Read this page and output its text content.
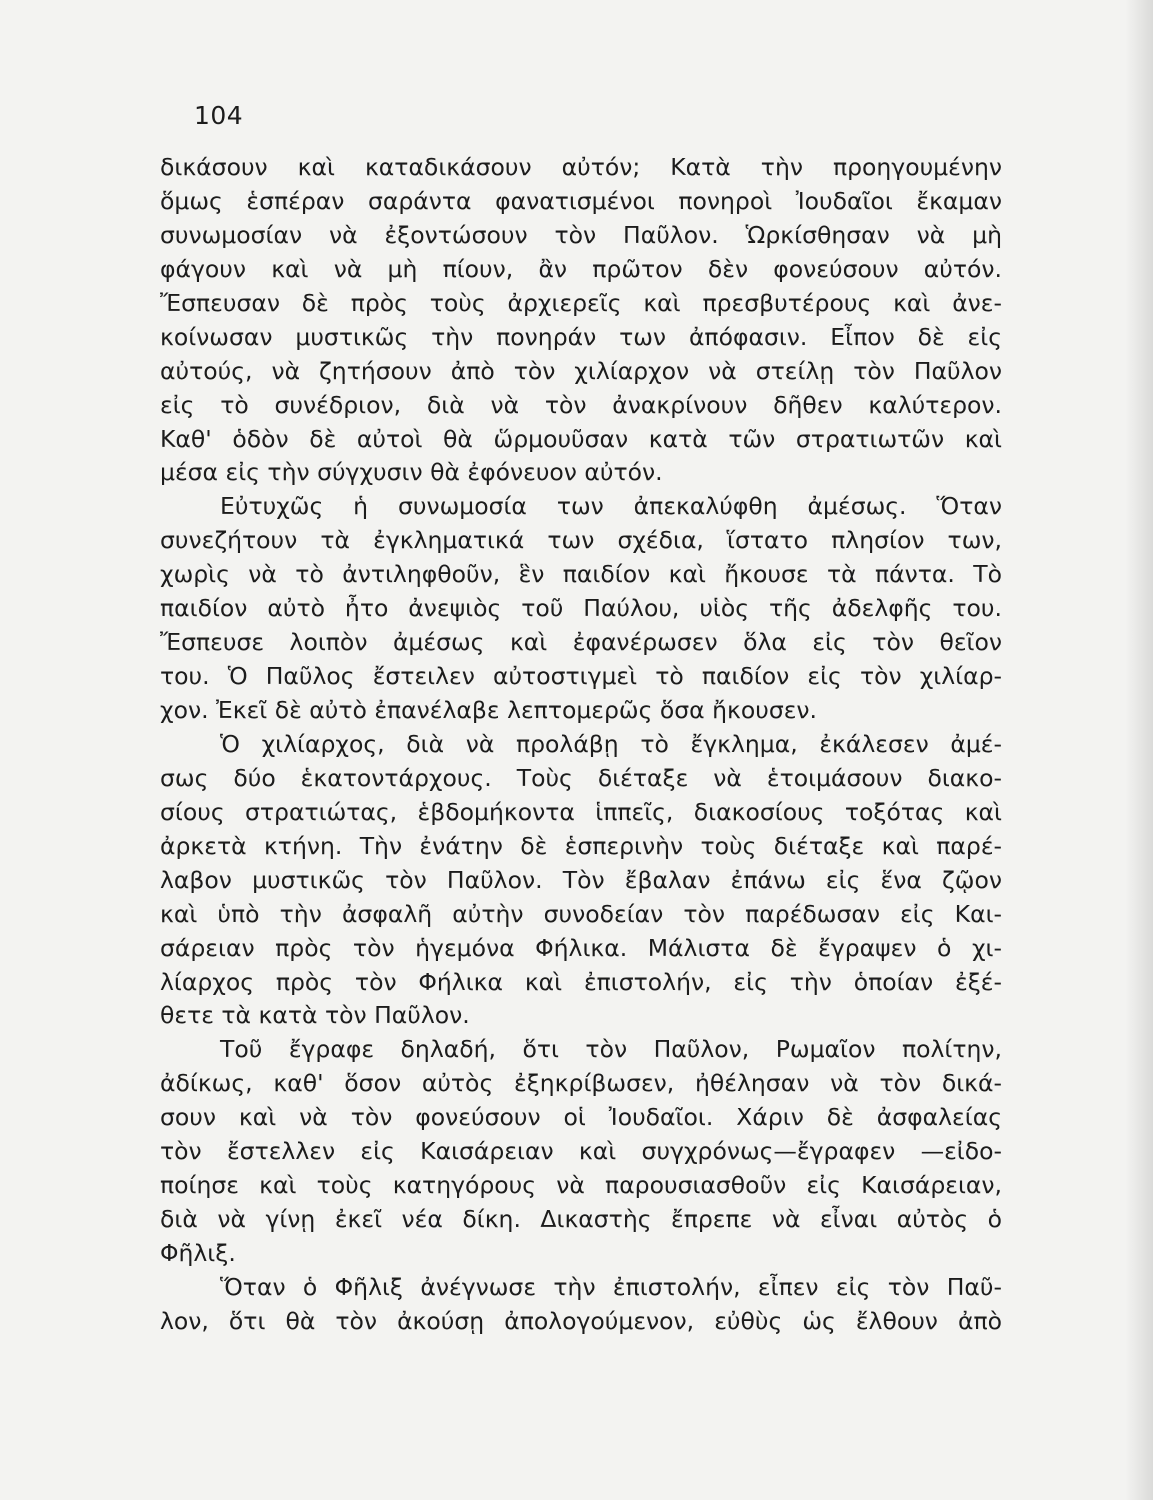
104
δικάσουν καὶ καταδικάσουν αὐτόν; Κατὰ τὴν προηγουμένην
ὅμως ἑσπέραν σαράντα φανατισμένοι πονηροὶ Ἰουδαῖοι ἔκαμαν
συνωμοσίαν νὰ ἐξοντώσουν τὸν Παῦλον. Ὡρκίσθησαν νὰ μὴ
φάγουν καὶ νὰ μὴ πίουν, ἂν πρῶτον δὲν φονεύσουν αὐτόν.
Ἔσπευσαν δὲ πρὸς τοὺς ἀρχιερεῖς καὶ πρεσβυτέρους καὶ ἀνε-
κοίνωσαν μυστικῶς τὴν πονηράν των ἀπόφασιν. Εἶπον δὲ εἰς
αὐτούς, νὰ ζητήσουν ἀπὸ τὸν χιλίαρχον νὰ στείλῃ τὸν Παῦλον
εἰς τὸ συνέδριον, διὰ νὰ τὸν ἀνακρίνουν δῆθεν καλύτερον.
Καθ' ὁδὸν δὲ αὐτοὶ θὰ ὥρμουῦσαν κατὰ τῶν στρατιωτῶν καὶ
μέσα εἰς τὴν σύγχυσιν θὰ ἐφόνευον αὐτόν.
Εὐτυχῶς ἡ συνωμοσία των ἀπεκαλύφθη ἀμέσως. Ὅταν
συνεζήτουν τὰ ἐγκληματικά των σχέδια, ἵστατο πλησίον των,
χωρὶς νὰ τὸ ἀντιληφθοῦν, ἓν παιδίον καὶ ἤκουσε τὰ πάντα. Τὸ
παιδίον αὐτὸ ἦτο ἀνεψιὸς τοῦ Παύλου, υἱὸς τῆς ἀδελφῆς του.
Ἔσπευσε λοιπὸν ἀμέσως καὶ ἐφανέρωσεν ὅλα εἰς τὸν θεῖον
του. Ὁ Παῦλος ἔστειλεν αὐτοστιγμεὶ τὸ παιδίον εἰς τὸν χιλίαρ-
χον. Ἐκεῖ δὲ αὐτὸ ἐπανέλαβε λεπτομερῶς ὅσα ἤκουσεν.
Ὁ χιλίαρχος, διὰ νὰ προλάβῃ τὸ ἔγκλημα, ἐκάλεσεν ἀμέ-
σως δύο ἑκατοντάρχους. Τοὺς διέταξε νὰ ἑτοιμάσουν διακο-
σίους στρατιώτας, ἑβδομήκοντα ἱππεῖς, διακοσίους τοξότας καὶ
ἀρκετὰ κτήνη. Τὴν ἐνάτην δὲ ἑσπερινὴν τοὺς διέταξε καὶ παρέ-
λαβον μυστικῶς τὸν Παῦλον. Τὸν ἔβαλαν ἐπάνω εἰς ἕνα ζῷον
καὶ ὑπὸ τὴν ἀσφαλῆ αὐτὴν συνοδείαν τὸν παρέδωσαν εἰς Και-
σάρειαν πρὸς τὸν ἡγεμόνα Φήλικα. Μάλιστα δὲ ἔγραψεν ὁ χι-
λίαρχος πρὸς τὸν Φήλικα καὶ ἐπιστολήν, εἰς τὴν ὁποίαν ἐξέ-
θετε τὰ κατὰ τὸν Παῦλον.
Τοῦ ἔγραφε δηλαδή, ὅτι τὸν Παῦλον, Ρωμαῖον πολίτην,
ἀδίκως, καθ' ὅσον αὐτὸς ἐξηκρίβωσεν, ἠθέλησαν νὰ τὸν δικά-
σουν καὶ νὰ τὸν φονεύσουν οἱ Ἰουδαῖοι. Χάριν δὲ ἀσφαλείας
τὸν ἔστελλεν εἰς Καισάρειαν καὶ συγχρόνως—ἔγραφεν —εἰδο-
ποίησε καὶ τοὺς κατηγόρους νὰ παρουσιασθοῦν εἰς Καισάρειαν,
διὰ νὰ γίνῃ ἐκεῖ νέα δίκη. Δικαστὴς ἔπρεπε νὰ εἶναι αὐτὸς ὁ
Φῆλιξ.
Ὅταν ὁ Φῆλιξ ἀνέγνωσε τὴν ἐπιστολήν, εἶπεν εἰς τὸν Παῦ-
λον, ὅτι θὰ τὸν ἀκούσῃ ἀπολογούμενον, εὐθὺς ὡς ἔλθουν ἀπὸ
